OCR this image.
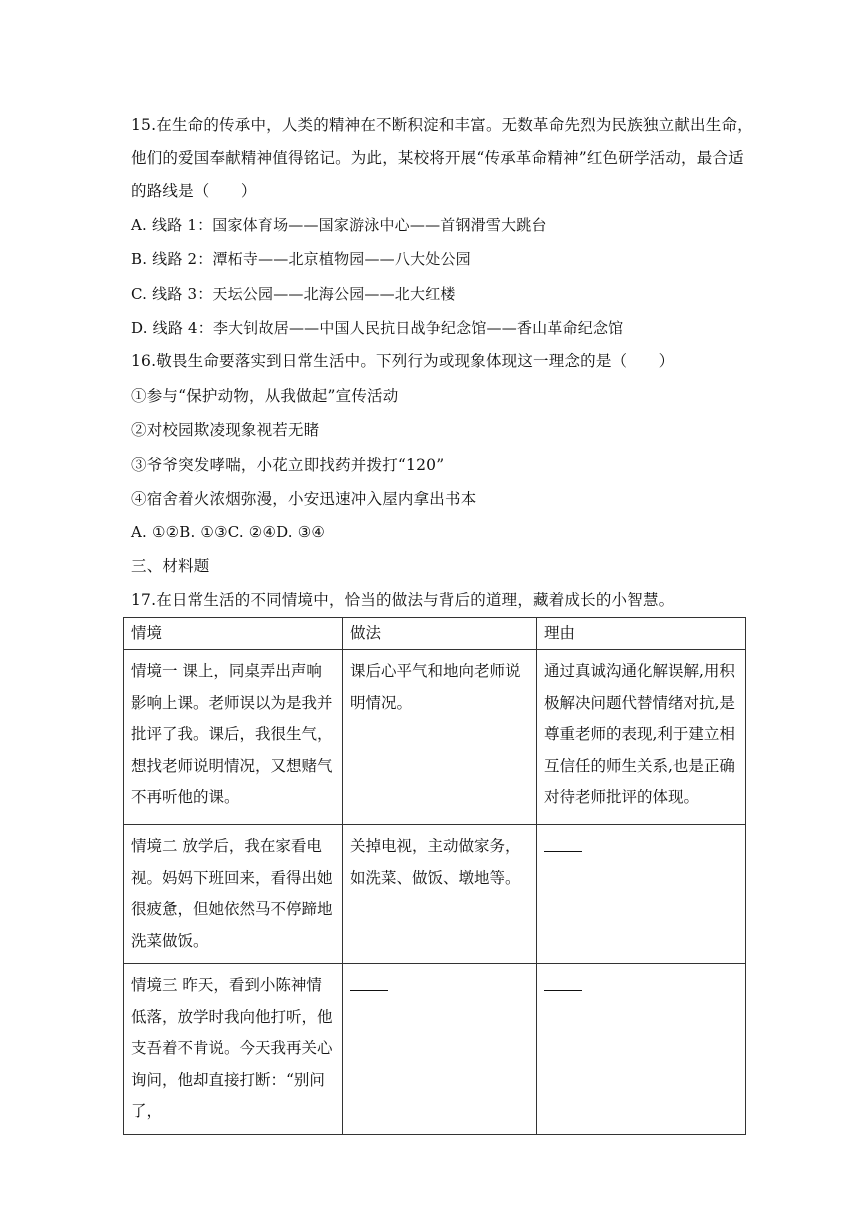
15.在生命的传承中，人类的精神在不断积淀和丰富。无数革命先烈为民族独立献出生命，
他们的爱国奉献精神值得铭记。为此，某校将开展“传承革命精神”红色研学活动，最合适
的路线是（　　）
A. 线路 1：国家体育场——国家游泳中心——首钢滑雪大跳台
B. 线路 2：潭柘寺——北京植物园——八大处公园
C. 线路 3：天坛公园——北海公园——北大红楼
D. 线路 4：李大钊故居——中国人民抗日战争纪念馆——香山革命纪念馆
16.敬畏生命要落实到日常生活中。下列行为或现象体现这一理念的是（　　）
①参与“保护动物，从我做起”宣传活动
②对校园欺凌现象视若无睹
③爷爷突发哮喘，小花立即找药并拨打“120”
④宿舍着火浓烟弥漫，小安迅速冲入屋内拿出书本
A. ①②B. ①③C. ②④D. ③④
三、材料题
17.在日常生活的不同情境中，恰当的做法与背后的道理，藏着成长的小智慧。
情境	做法	理由
情境一 课上，同桌弄出声响影响上课。老师误以为是我并批评了我。课后，我很生气，想找老师说明情况，又想赌气不再听他的课。	课后心平气和地向老师说明情况。	通过真诚沟通化解误解,用积极解决问题代替情绪对抗,是尊重老师的表现,利于建立相互信任的师生关系,也是正确对待老师批评的体现。
情境二 放学后，我在家看电视。妈妈下班回来，看得出她很疲惫，但她依然马不停蹄地洗菜做饭。	关掉电视，主动做家务，如洗菜、做饭、墩地等。	
情境三 昨天，看到小陈神情低落，放学时我向他打听，他支吾着不肯说。今天我再关心询问，他却直接打断：“别问了，		
